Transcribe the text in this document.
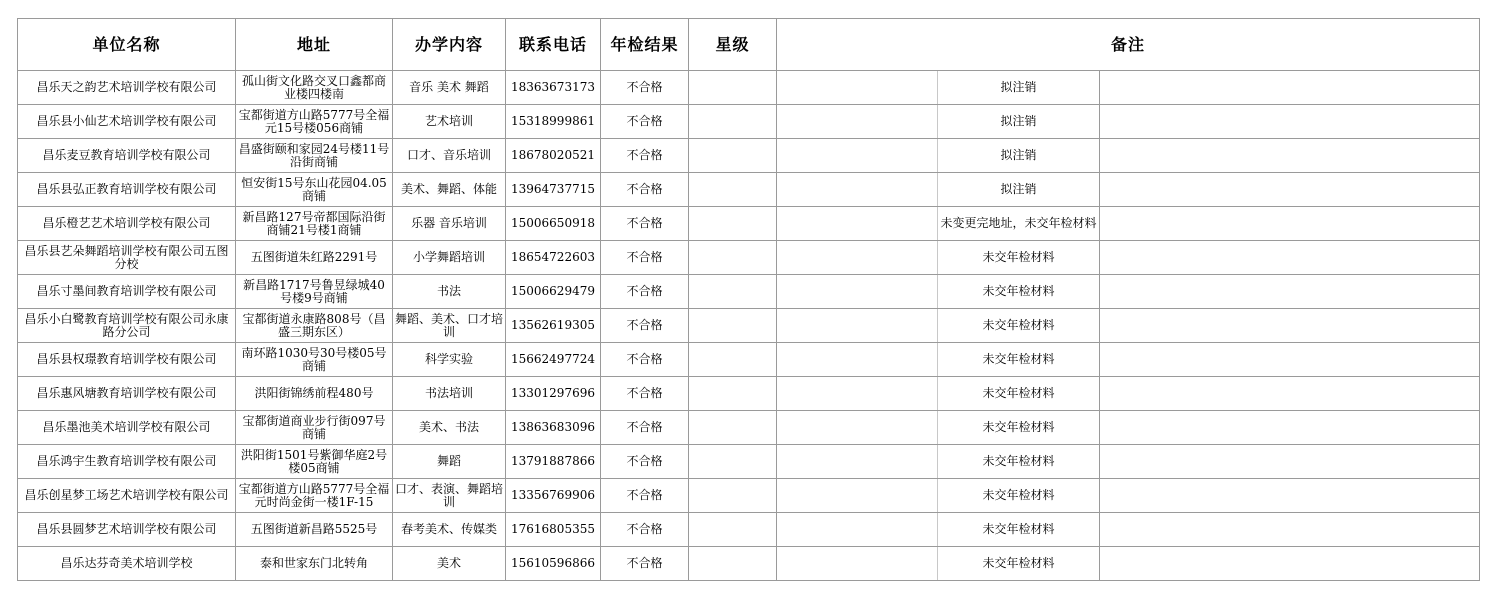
单位名称	地址	办学内容	联系电话	年检结果	星级	备注		
昌乐天之韵艺术培训学校有限公司	孤山街文化路交叉口鑫都商业楼四楼南	音乐 美术 舞蹈	18363673173	不合格			拟注销	
昌乐县小仙艺术培训学校有限公司	宝都街道方山路5777号全福元15号楼056商铺	艺术培训	15318999861	不合格			拟注销	
昌乐麦豆教育培训学校有限公司	昌盛街颐和家园24号楼11号沿街商铺	口才、音乐培训	18678020521	不合格			拟注销	
昌乐县弘正教育培训学校有限公司	恒安街15号东山花园04.05商铺	美术、舞蹈、体能	13964737715	不合格			拟注销	
昌乐橙艺艺术培训学校有限公司	新昌路127号帝都国际沿街商铺21号楼1商铺	乐器 音乐培训	15006650918	不合格			未变更完地址，未交年检材料	
昌乐县艺朵舞蹈培训学校有限公司五图分校	五图街道朱红路2291号	小学舞蹈培训	18654722603	不合格			未交年检材料	
昌乐寸墨间教育培训学校有限公司	新昌路1717号鲁昱绿城40号楼9号商铺	书法	15006629479	不合格			未交年检材料	
昌乐小白鹭教育培训学校有限公司永康路分公司	宝都街道永康路808号（昌盛三期东区）	舞蹈、美术、口才培训	13562619305	不合格			未交年检材料	
昌乐县权璟教育培训学校有限公司	南环路1030号30号楼05号商铺	科学实验	15662497724	不合格			未交年检材料	
昌乐惠风塘教育培训学校有限公司	洪阳街锦绣前程480号	书法培训	13301297696	不合格			未交年检材料	
昌乐墨池美术培训学校有限公司	宝都街道商业步行街097号商铺	美术、书法	13863683096	不合格			未交年检材料	
昌乐鸿宇生教育培训学校有限公司	洪阳街1501号紫御华庭2号楼05商铺	舞蹈	13791887866	不合格			未交年检材料	
昌乐创星梦工场艺术培训学校有限公司	宝都街道方山路5777号全福元时尚金街一楼1F-15	口才、表演、舞蹈培训	13356769906	不合格			未交年检材料	
昌乐县圆梦艺术培训学校有限公司	五图街道新昌路5525号	春考美术、传媒类	17616805355	不合格			未交年检材料	
昌乐达芬奇美术培训学校	泰和世家东门北转角	美术	15610596866	不合格			未交年检材料	
